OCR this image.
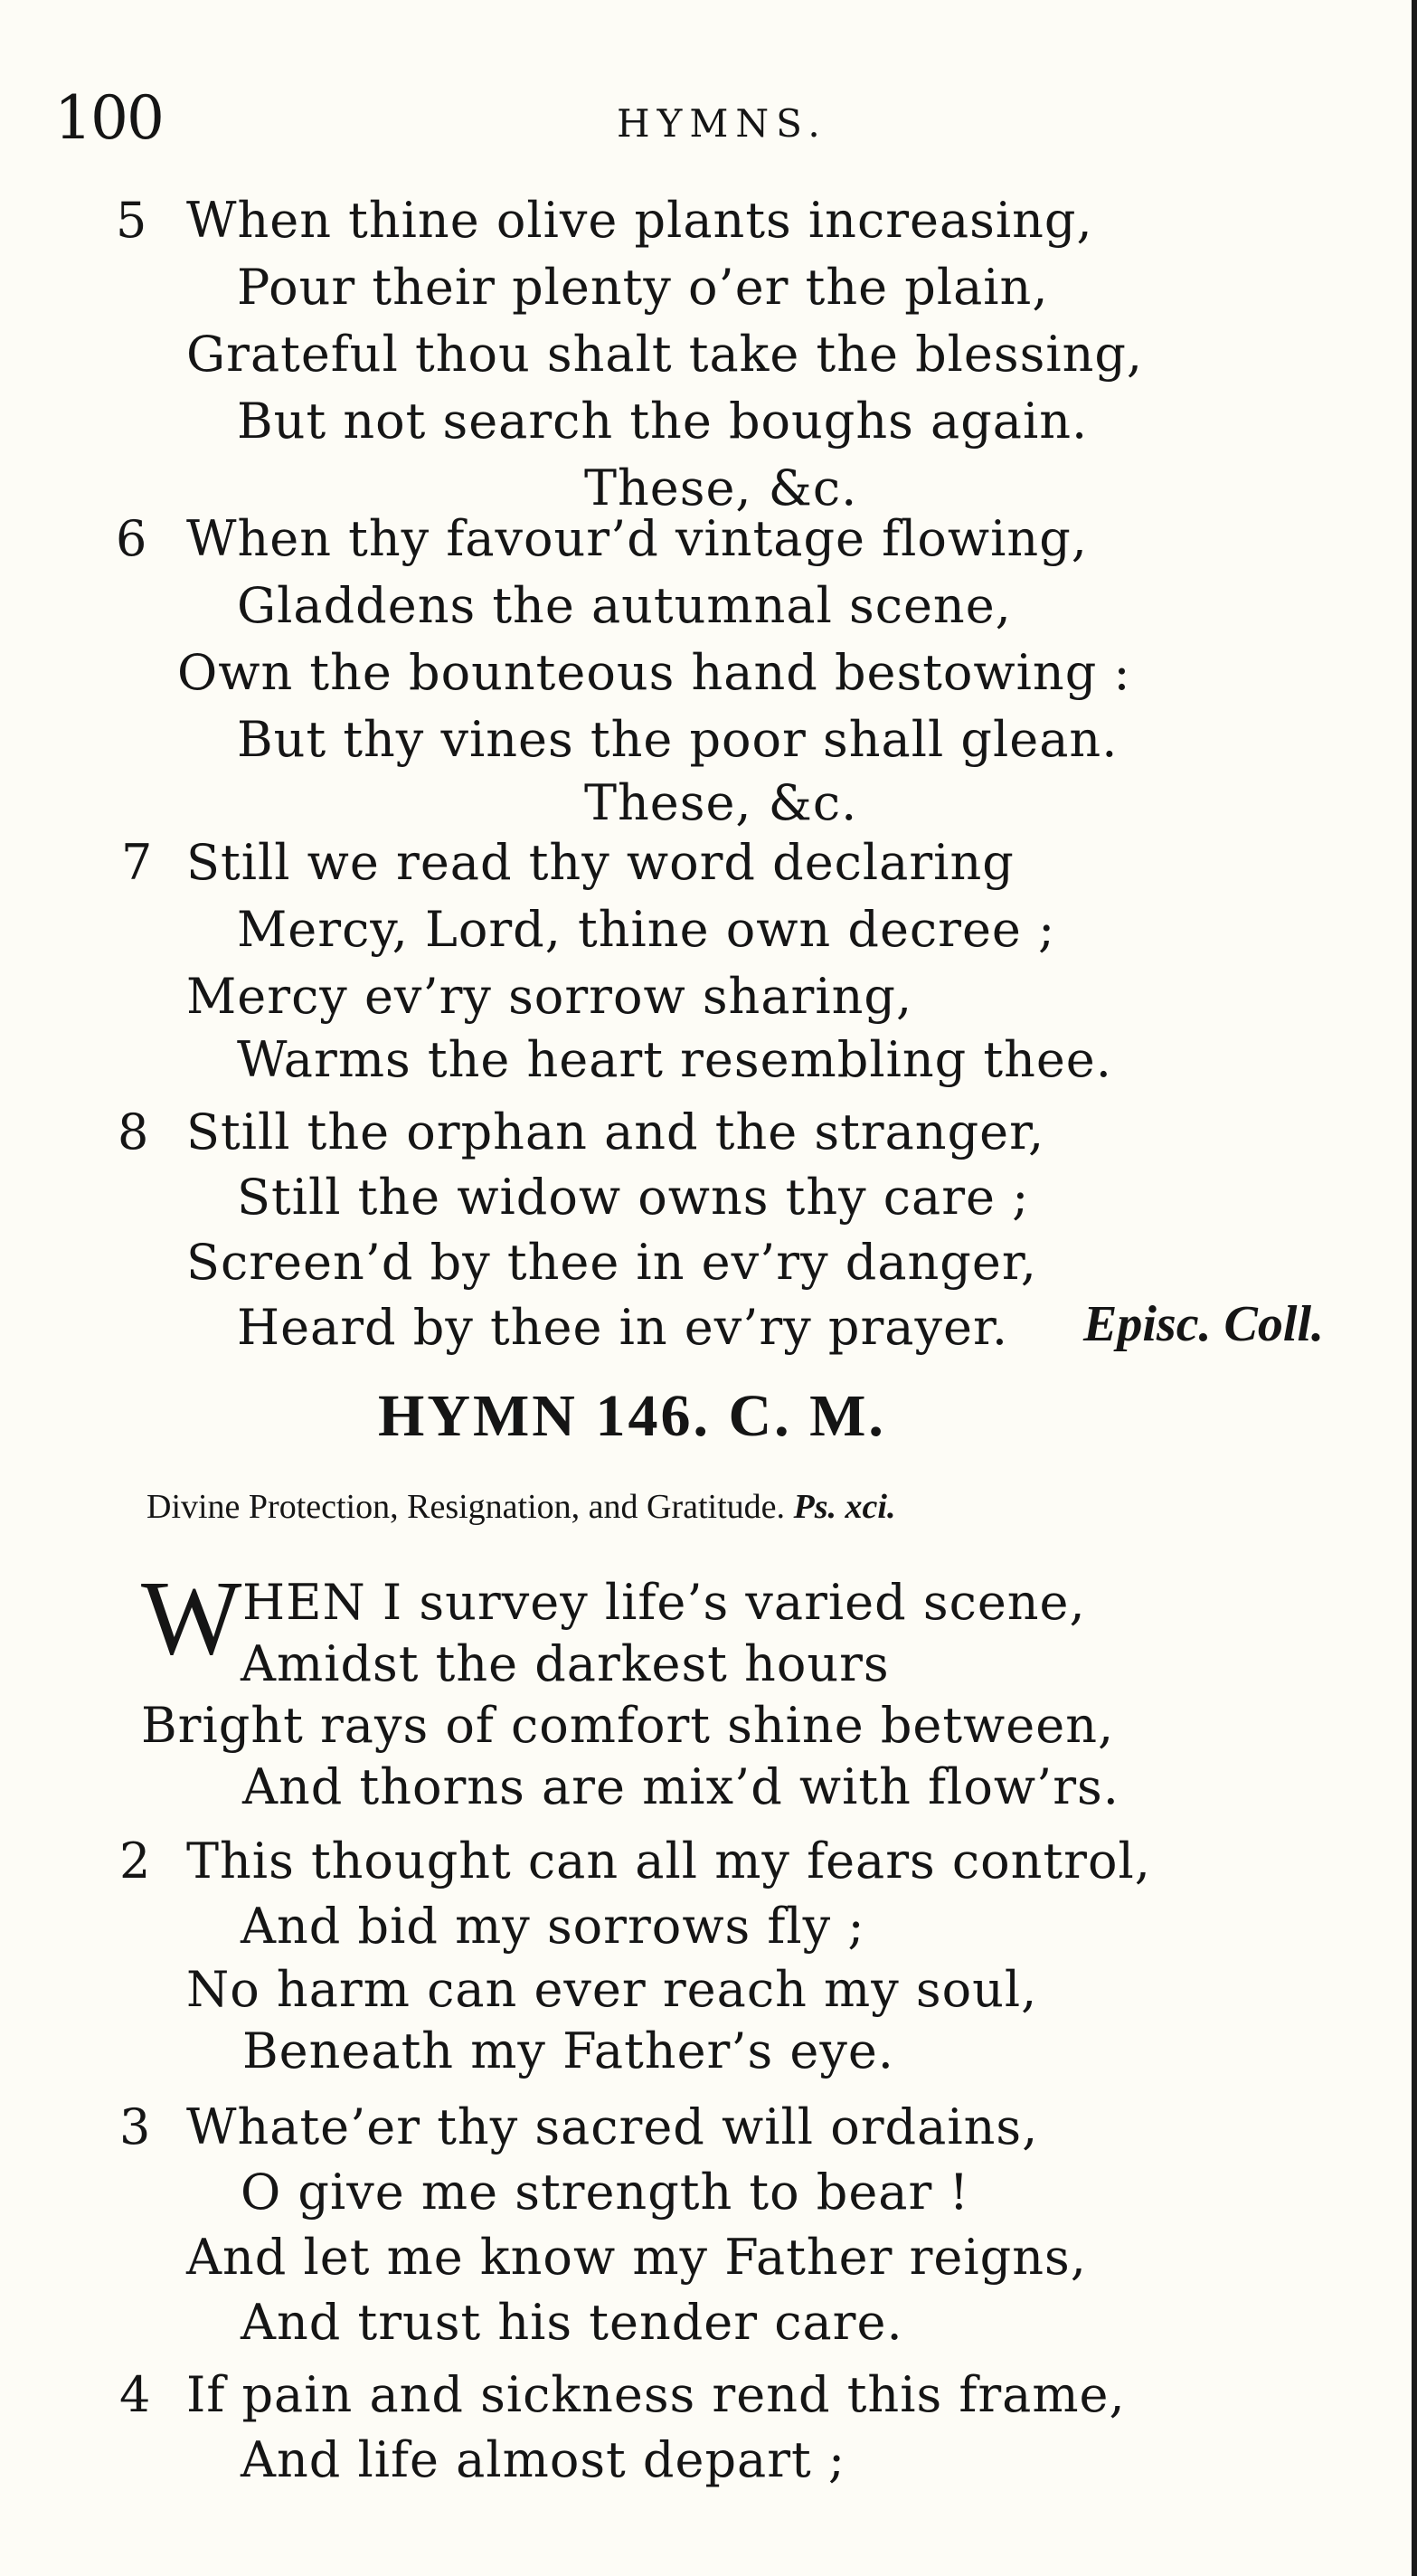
100	HYMNS.
5 When thine olive plants increasing,
Pour their plenty o’er the plain,
Grateful thou shalt take the blessing,
But not search the boughs again.
These, &c.
6 When thy favour’d vintage flowing,
Gladdens the autumnal scene,
Own the bounteous hand bestowing :
But thy vines the poor shall glean.
These, &c.
7 Still we read thy word declaring
Mercy, Lord, thine own decree ;
Mercy ev’ry sorrow sharing,
Warms the heart resembling thee.
8 Still the orphan and the stranger,
Still the widow owns thy care ;
Screen’d by thee in ev’ry danger,
Heard by thee in ev’ry prayer. Episc. Coll.
HYMN 146. C. M.
Divine Protection, Resignation, and Gratitude. Ps. xci.
W HEN I survey life’s varied scene,
Amidst the darkest hours
Bright rays of comfort shine between,
And thorns are mix’d with flow’rs.
2 This thought can all my fears control,
And bid my sorrows fly ;
No harm can ever reach my soul,
Beneath my Father’s eye.
3 Whate’er thy sacred will ordains,
O give me strength to bear !
And let me know my Father reigns,
And trust his tender care.
4 If pain and sickness rend this frame,
And life almost depart ;
